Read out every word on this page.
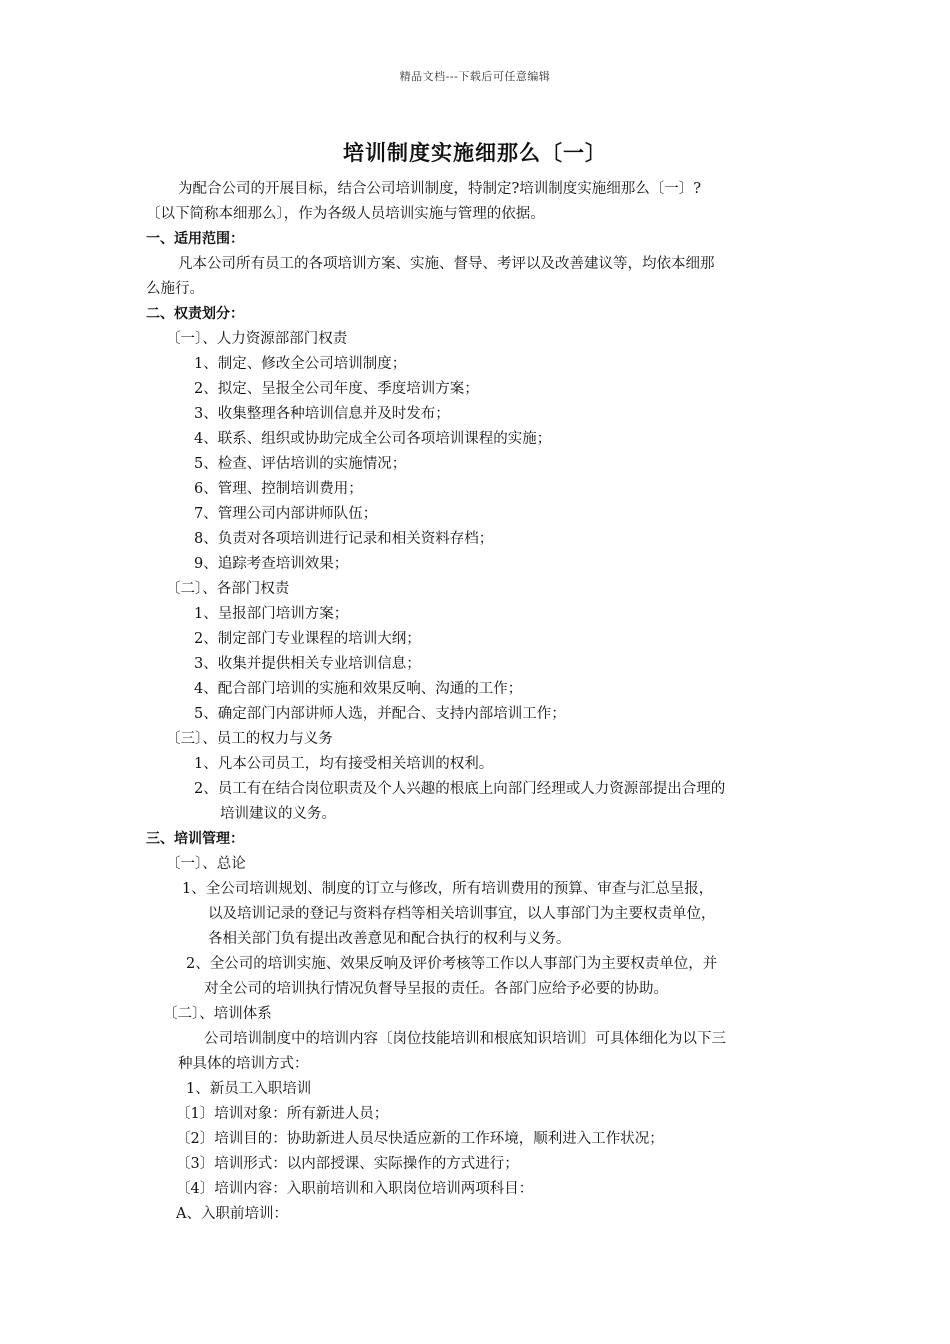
精品文档---下载后可任意编辑
培训制度实施细那么〔一〕
为配合公司的开展目标，结合公司培训制度，特制定?培训制度实施细那么〔一〕?
〔以下简称本细那么〕，作为各级人员培训实施与管理的依据。
一、适用范围：
凡本公司所有员工的各项培训方案、实施、督导、考评以及改善建议等，均依本细那
么施行。
二、权责划分：
〔一〕、人力资源部部门权责
1、制定、修改全公司培训制度；
2、拟定、呈报全公司年度、季度培训方案；
3、收集整理各种培训信息并及时发布；
4、联系、组织或协助完成全公司各项培训课程的实施；
5、检查、评估培训的实施情况；
6、管理、控制培训费用；
7、管理公司内部讲师队伍；
8、负责对各项培训进行记录和相关资料存档；
9、追踪考查培训效果；
〔二〕、各部门权责
1、呈报部门培训方案；
2、制定部门专业课程的培训大纲；
3、收集并提供相关专业培训信息；
4、配合部门培训的实施和效果反响、沟通的工作；
5、确定部门内部讲师人选，并配合、支持内部培训工作；
〔三〕、员工的权力与义务
1、凡本公司员工，均有接受相关培训的权利。
2、员工有在结合岗位职责及个人兴趣的根底上向部门经理或人力资源部提出合理的
培训建议的义务。
三、培训管理：
〔一〕、总论
1、全公司培训规划、制度的订立与修改，所有培训费用的预算、审查与汇总呈报，
以及培训记录的登记与资料存档等相关培训事宜，以人事部门为主要权责单位，
各相关部门负有提出改善意见和配合执行的权利与义务。
2、全公司的培训实施、效果反响及评价考核等工作以人事部门为主要权责单位，并
对全公司的培训执行情况负督导呈报的责任。各部门应给予必要的协助。
〔二〕、培训体系
公司培训制度中的培训内容〔岗位技能培训和根底知识培训〕可具体细化为以下三
种具体的培训方式：
1、新员工入职培训
〔1〕培训对象：所有新进人员；
〔2〕培训目的：协助新进人员尽快适应新的工作环境，顺利进入工作状况；
〔3〕培训形式：以内部授课、实际操作的方式进行；
〔4〕培训内容：入职前培训和入职岗位培训两项科目：
A、入职前培训：
